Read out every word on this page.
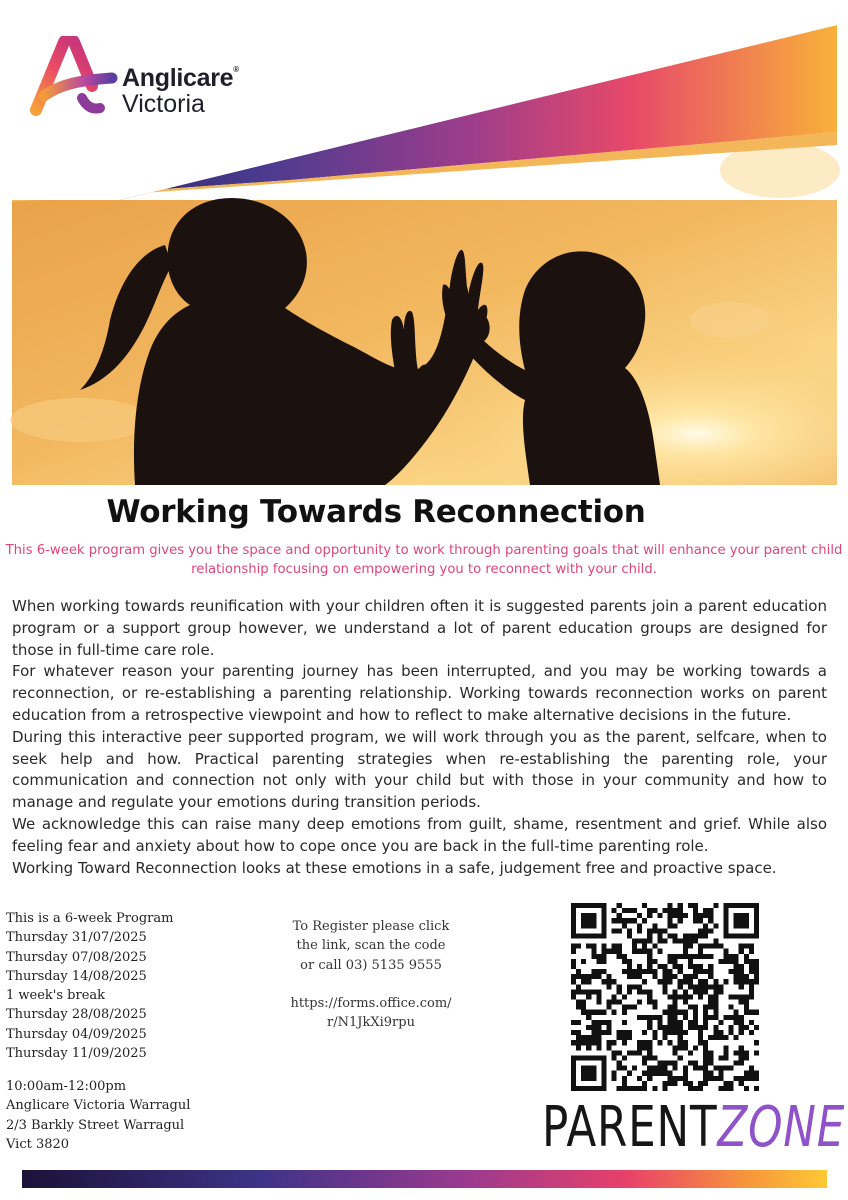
Anglicare®
Victoria
Working Towards Reconnection
This 6-week program gives you the space and opportunity to work through parenting goals that will enhance your parent child relationship focusing on empowering you to reconnect with your child.

When working towards reunification with your children often it is suggested parents join a parent education program or a support group however, we understand a lot of parent education groups are designed for those in full-time care role.

For whatever reason your parenting journey has been interrupted, and you may be working towards a reconnection, or re-establishing a parenting relationship. Working towards reconnection works on parent education from a retrospective viewpoint and how to reflect to make alternative decisions in the future.

During this interactive peer supported program, we will work through you as the parent, selfcare, when to seek help and how. Practical parenting strategies when re-establishing the parenting role, your communication and connection not only with your child but with those in your community and how to manage and regulate your emotions during transition periods.

We acknowledge this can raise many deep emotions from guilt, shame, resentment and grief. While also feeling fear and anxiety about how to cope once you are back in the full-time parenting role.

Working Toward Reconnection looks at these emotions in a safe, judgement free and proactive space.

This is a 6-week Program
Thursday 31/07/2025
Thursday 07/08/2025
Thursday 14/08/2025
1 week's break
Thursday 28/08/2025
Thursday 04/09/2025
Thursday 11/09/2025
10:00am-12:00pm
Anglicare Victoria Warragul
2/3 Barkly Street Warragul
Vict 3820
To Register please click
the link, scan the code
or call 03) 5135 9555
https://forms.office.com/
r/N1JkXi9rpu
PARENTZONE
